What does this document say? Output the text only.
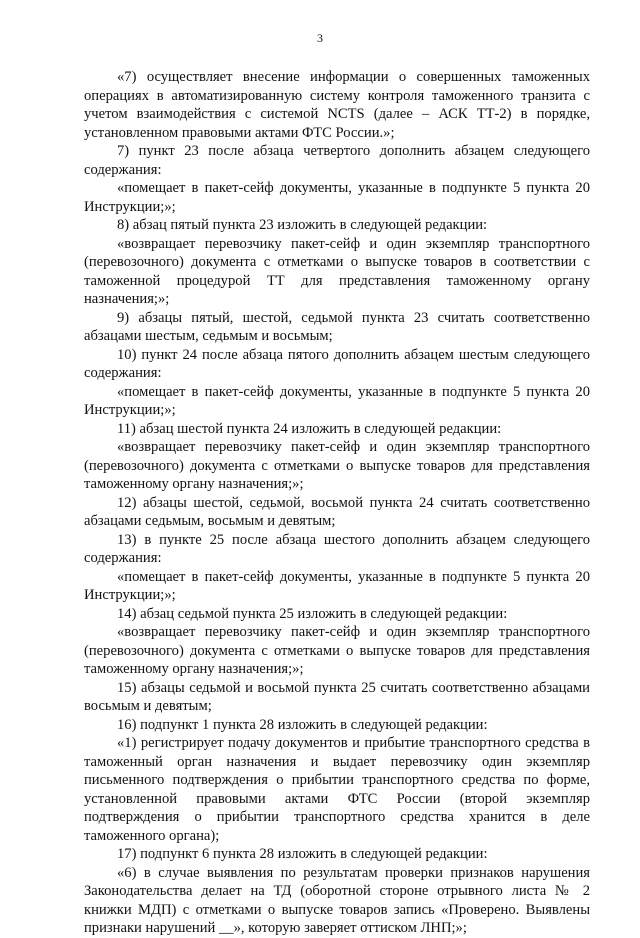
3

«7) осуществляет внесение информации о совершенных таможенных операциях в автоматизированную систему контроля таможенного транзита с учетом взаимодействия с системой NCTS (далее – АСК ТТ-2) в порядке, установленном правовыми актами ФТС России.»;

7) пункт 23 после абзаца четвертого дополнить абзацем следующего содержания:

«помещает в пакет-сейф документы, указанные в подпункте 5 пункта 20 Инструкции;»;

8) абзац пятый пункта 23 изложить в следующей редакции:

«возвращает перевозчику пакет-сейф и один экземпляр транспортного (перевозочного) документа с отметками о выпуске товаров в соответствии с таможенной процедурой ТТ для представления таможенному органу назначения;»;

9) абзацы пятый, шестой, седьмой пункта 23 считать соответственно абзацами шестым, седьмым и восьмым;

10) пункт 24 после абзаца пятого дополнить абзацем шестым следующего содержания:

«помещает в пакет-сейф документы, указанные в подпункте 5 пункта 20 Инструкции;»;

11) абзац шестой пункта 24 изложить в следующей редакции:

«возвращает перевозчику пакет-сейф и один экземпляр транспортного (перевозочного) документа с отметками о выпуске товаров для представления таможенному органу назначения;»;

12) абзацы шестой, седьмой, восьмой пункта 24 считать соответственно абзацами седьмым, восьмым и девятым;

13) в пункте 25 после абзаца шестого дополнить абзацем следующего содержания:

«помещает в пакет-сейф документы, указанные в подпункте 5 пункта 20 Инструкции;»;

14) абзац седьмой пункта 25 изложить в следующей редакции:

«возвращает перевозчику пакет-сейф и один экземпляр транспортного (перевозочного) документа с отметками о выпуске товаров для представления таможенному органу назначения;»;

15) абзацы седьмой и восьмой пункта 25 считать соответственно абзацами восьмым и девятым;

16) подпункт 1 пункта 28 изложить в следующей редакции:

«1) регистрирует подачу документов и прибытие транспортного средства в таможенный орган назначения и выдает перевозчику один экземпляр письменного подтверждения о прибытии транспортного средства по форме, установленной правовыми актами ФТС России (второй экземпляр подтверждения о прибытии транспортного средства хранится в деле таможенного органа);

17) подпункт 6 пункта 28 изложить в следующей редакции:

«6) в случае выявления по результатам проверки признаков нарушения Законодательства делает на ТД (оборотной стороне отрывного листа № 2 книжки МДП) с отметками о выпуске товаров запись «Проверено. Выявлены признаки нарушений __», которую заверяет оттиском ЛНП;»;
